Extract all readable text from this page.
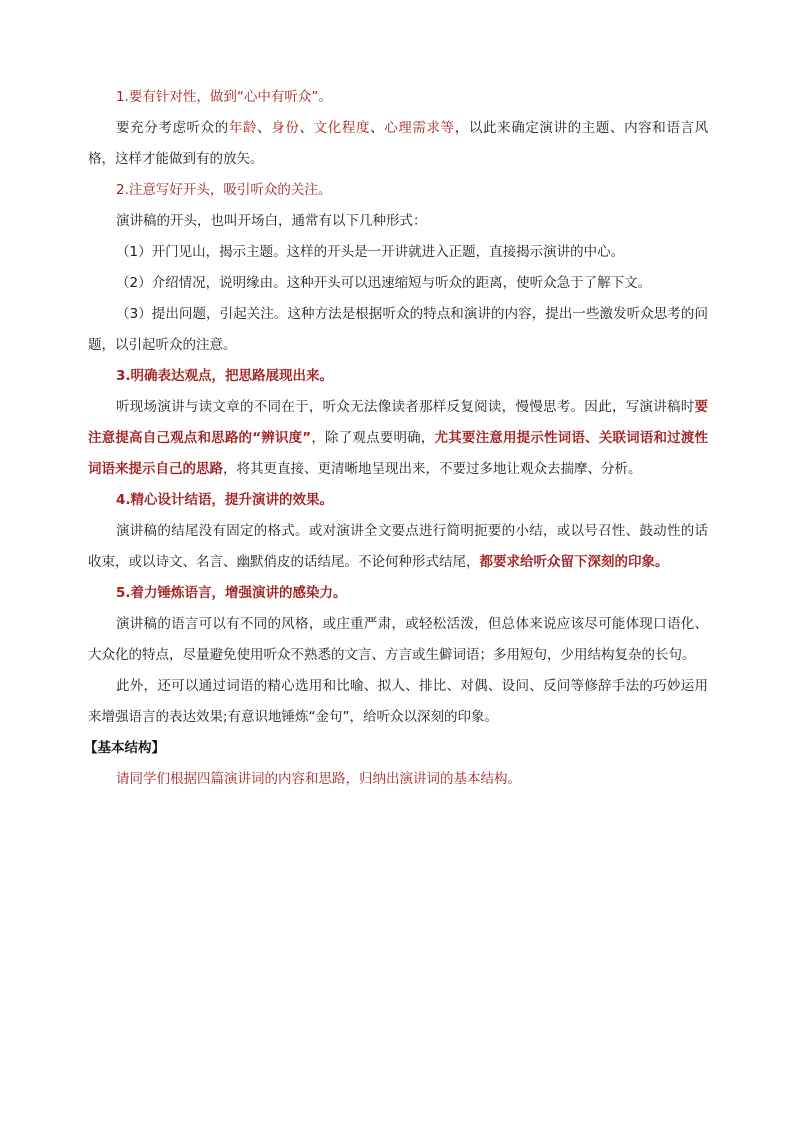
1.要有针对性，做到“心中有听众”。

要充分考虑听众的年龄、身份、文化程度、心理需求等，以此来确定演讲的主题、内容和语言风格，这样才能做到有的放矢。

2.注意写好开头，吸引听众的关注。

演讲稿的开头，也叫开场白，通常有以下几种形式：

（1）开门见山，揭示主题。这样的开头是一开讲就进入正题，直接揭示演讲的中心。

（2）介绍情况，说明缘由。这种开头可以迅速缩短与听众的距离，使听众急于了解下文。

（3）提出问题，引起关注。这种方法是根据听众的特点和演讲的内容，提出一些激发听众思考的问题，以引起听众的注意。

3.明确表达观点，把思路展现出来。

听现场演讲与读文章的不同在于，听众无法像读者那样反复阅读，慢慢思考。因此，写演讲稿时要注意提高自己观点和思路的“辨识度”，除了观点要明确，尤其要注意用提示性词语、关联词语和过渡性词语来提示自己的思路，将其更直接、更清晰地呈现出来，不要过多地让观众去揣摩、分析。

4.精心设计结语，提升演讲的效果。

演讲稿的结尾没有固定的格式。或对演讲全文要点进行简明扼要的小结，或以号召性、鼓动性的话收束，或以诗文、名言、幽默俏皮的话结尾。不论何种形式结尾，都要求给听众留下深刻的印象。

5.着力锤炼语言，增强演讲的感染力。

演讲稿的语言可以有不同的风格，或庄重严肃，或轻松活泼，但总体来说应该尽可能体现口语化、大众化的特点，尽量避免使用听众不熟悉的文言、方言或生僻词语；多用短句，少用结构复杂的长句。

此外，还可以通过词语的精心选用和比喻、拟人、排比、对偶、设问、反问等修辞手法的巧妙运用来增强语言的表达效果;有意识地锤炼“金句”，给听众以深刻的印象。

【基本结构】

请同学们根据四篇演讲词的内容和思路，归纳出演讲词的基本结构。
